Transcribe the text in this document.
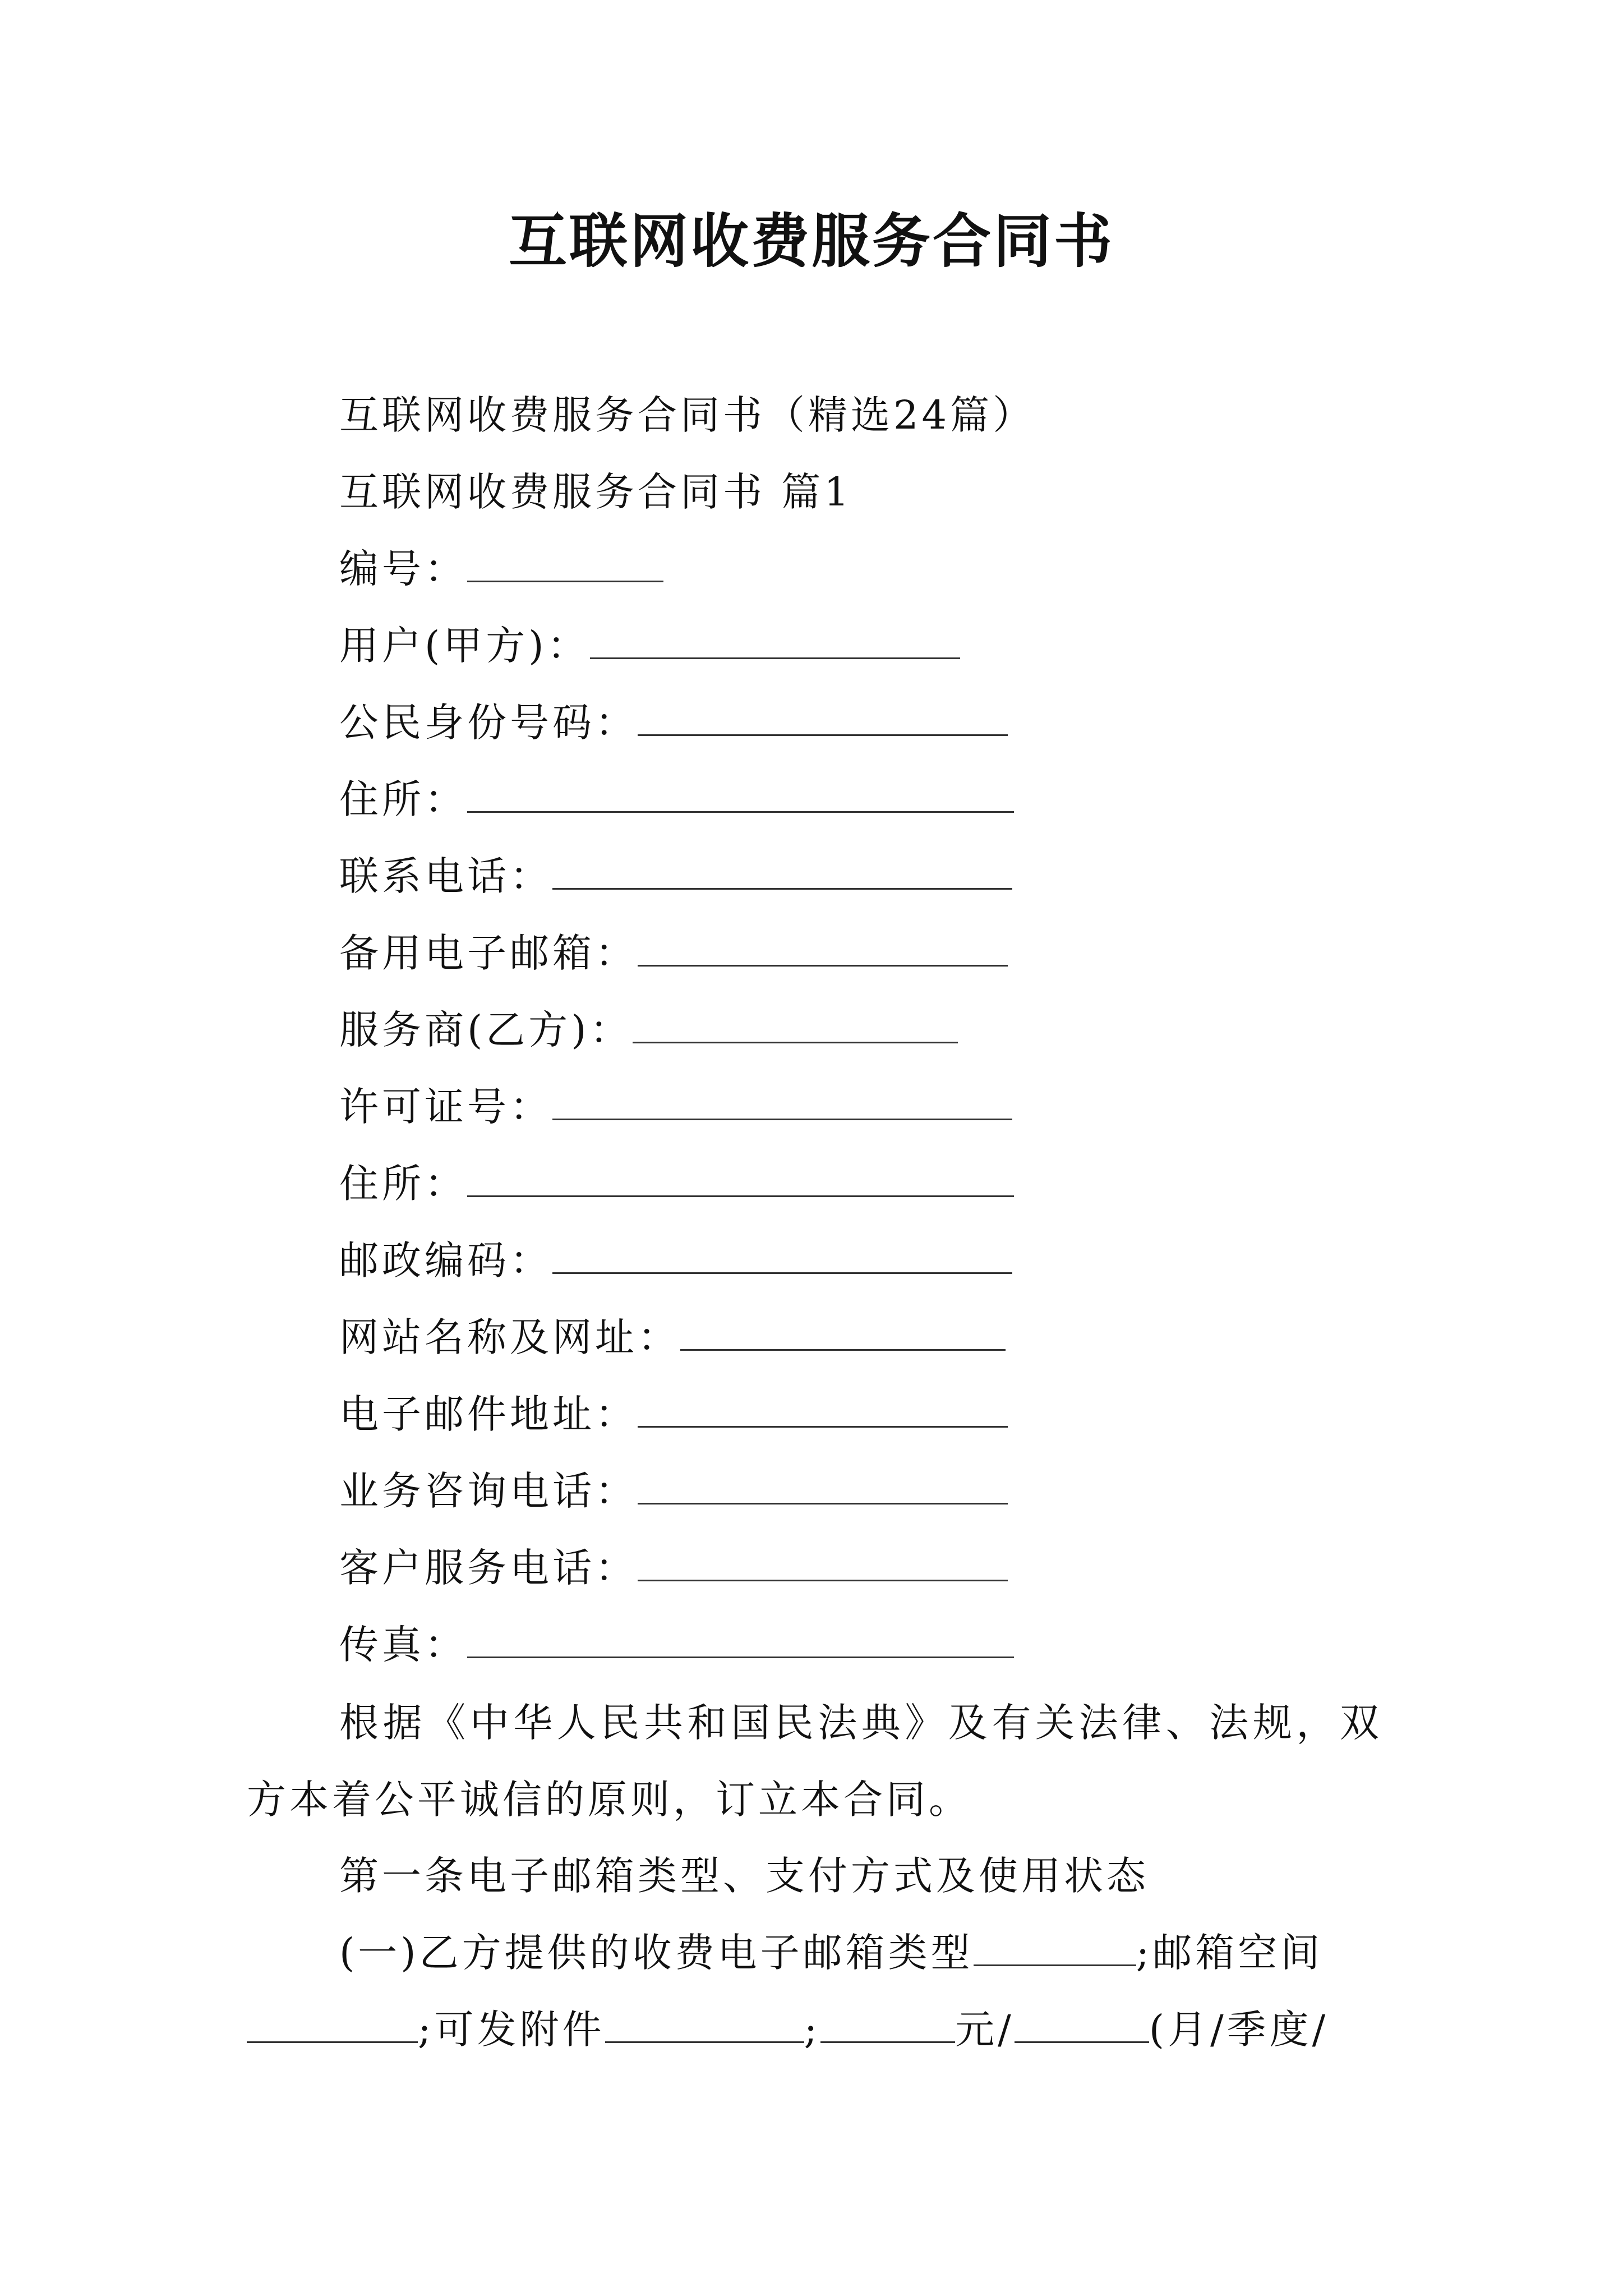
互联网收费服务合同书
互联网收费服务合同书（精选24篇）
互联网收费服务合同书 篇1
编号：
用户(甲方)：
公民身份号码：
住所：
联系电话：
备用电子邮箱：
服务商(乙方)：
许可证号：
住所：
邮政编码：
网站名称及网址：
电子邮件地址：
业务咨询电话：
客户服务电话：
传真：
根据《中华人民共和国民法典》及有关法律、法规，双方本着公平诚信的原则，订立本合同。
第一条电子邮箱类型、支付方式及使用状态
(一)乙方提供的收费电子邮箱类型	;邮箱空间
;可发附件	;	元/	(月/季度/
